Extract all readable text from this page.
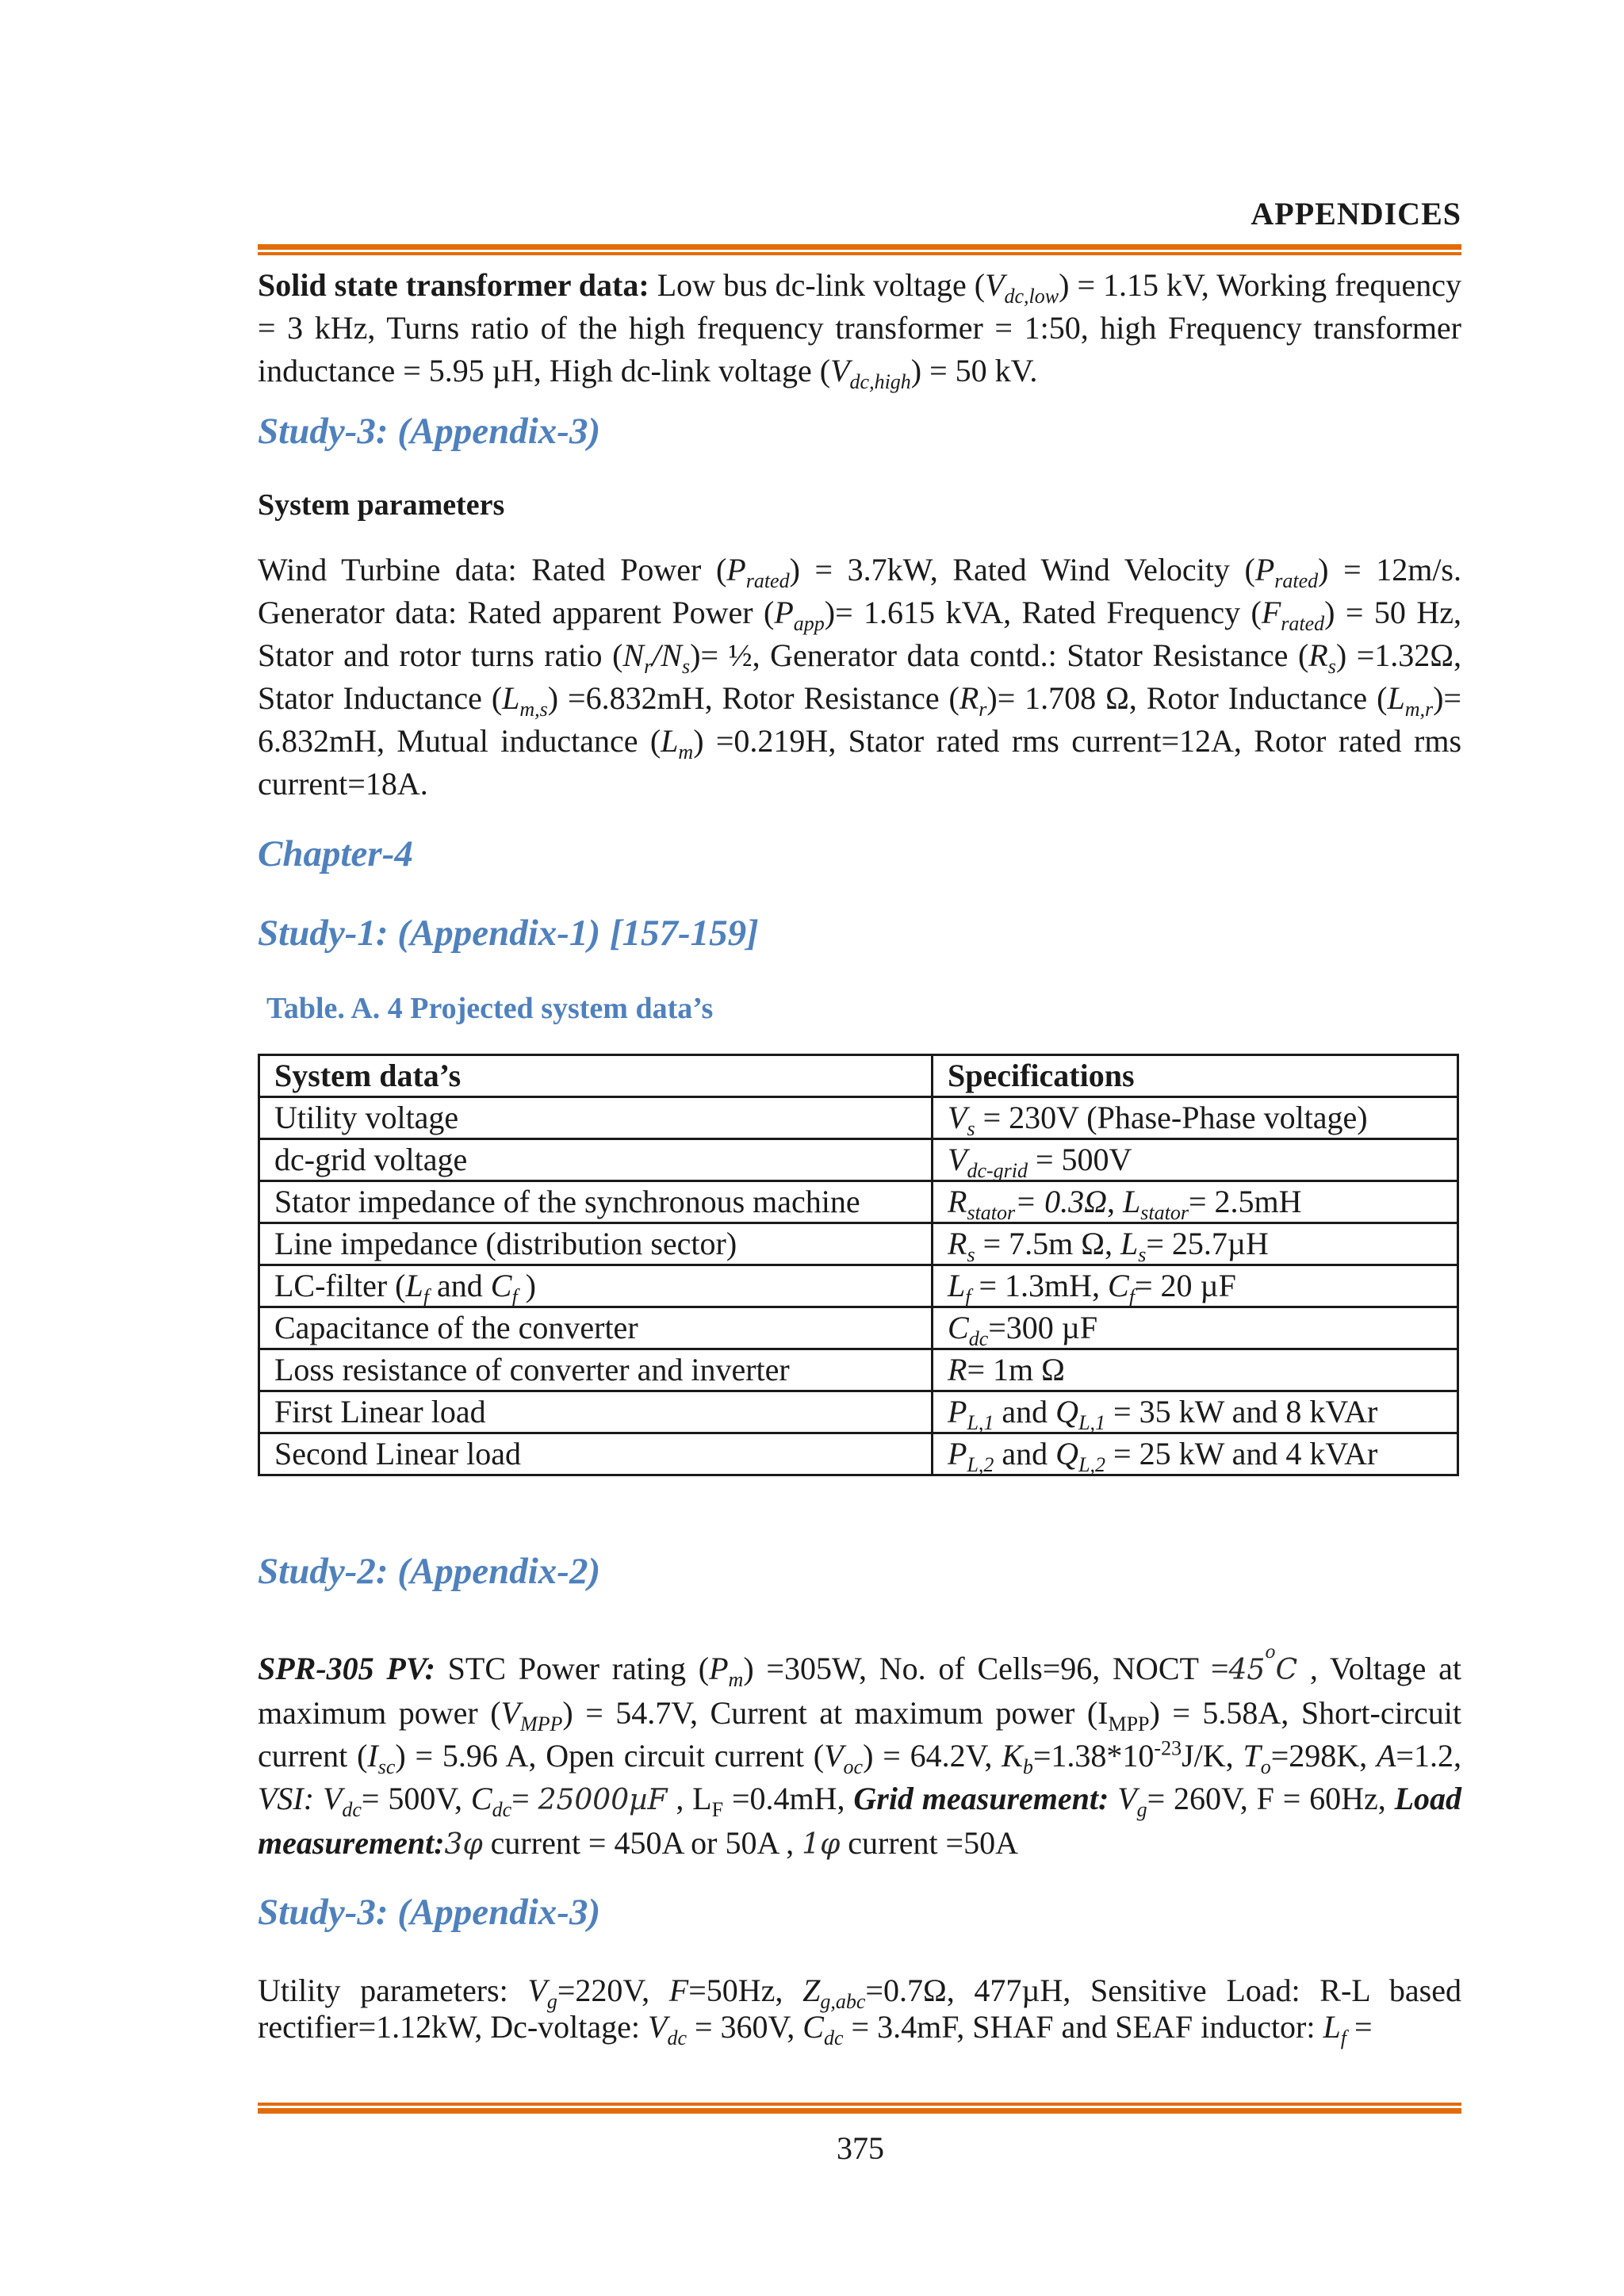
APPENDICES

Solid state transformer data: Low bus dc-link voltage $(V_{dc,low}) = 1.15$ kV, Working frequency = 3 kHz, Turns ratio of the high frequency transformer = 1:50, high Frequency transformer inductance = 5.95 µH, High dc-link voltage $(V_{dc,high}) = 50$ kV.

Study-3: (Appendix-3)
System parameters

Wind Turbine data: Rated Power $(P_{rated}) = 3.7kW$, Rated Wind Velocity $(P_{rated}) = 12m/s$. Generator data: Rated apparent Power $(P_{app})= 1.615$ kVA, Rated Frequency $(F_{rated}) = 50$ Hz, Stator and rotor turns ratio $(N_r/N_s)=$ ½, Generator data contd.: Stator Resistance $(R_s) =1.32\Omega$, Stator Inductance $(L_{m,s}) =6.832mH$, Rotor Resistance $(R_r)= 1.708$ Ω, Rotor Inductance $(L_{m,r})= 6.832mH$, Mutual inductance $(L_m) =0.219H$, Stator rated rms current=12A, Rotor rated rms current=18A.

Chapter-4
Study-1: (Appendix-1) [157-159]
Table. A. 4 Projected system data’s
System data’s	Specifications
Utility voltage	$V_s = 230V$ (Phase-Phase voltage)
dc-grid voltage	$V_{dc-grid} = 500V$
Stator impedance of the synchronous machine	$R_{stator}= 0.3\Omega$, $L_{stator}= 2.5mH$
Line impedance (distribution sector)	$R_s = 7.5m$ Ω, $L_s= 25.7\mu H$
LC-filter ($L_f$ and $C_f$ )	$L_f = 1.3mH$, $C_f= 20$ µF
Capacitance of the converter	$C_{dc}=300$ µF
Loss resistance of converter and inverter	R= 1m Ω
First Linear load	$P_{L,1}$ and $Q_{L,1} = 35$ kW and 8 kVAr
Second Linear load	$P_{L,2}$ and $Q_{L,2} = 25$ kW and 4 kVAr
Study-2: (Appendix-2)

SPR-305 PV: STC Power rating $(P_m) =305W$, No. of Cells=96, NOCT $=45^oC$ , Voltage at maximum power $(V_{MPP}) = 54.7V$, Current at maximum power $(I_{MPP}) = 5.58A$, Short-circuit current $(I_{sc}) = 5.96$ A, Open circuit current $(V_{oc}) = 64.2V$, $K_b=1.38*10^{-23}J/K$, $T_o=298K$, A=1.2, VSI: $V_{dc}= 500V$, $C_{dc}= 25000\mu F$ , $L_F =0.4mH$, Grid measurement: $V_g= 260V$, F = 60Hz, Load measurement:3φ current = 450A or 50A , 1φ current =50A

Study-3: (Appendix-3)

Utility parameters: $V_g=220V$, F=50Hz, $Z_{g,abc}=0.7\Omega$, 477µH, Sensitive Load: R-L based rectifier=1.12kW, Dc-voltage: $V_{dc} = 360V$, $C_{dc} = 3.4mF$, SHAF and SEAF inductor: $L_f$ =

375
